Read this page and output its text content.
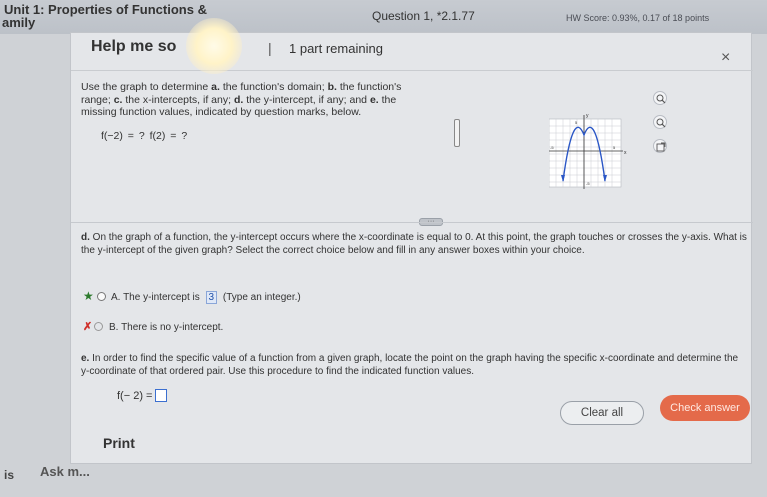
Unit 1: Properties of Functions &
amily	Question 1, *2.1.77	HW Score: 0.93%, 0.17 of 18 points
Help me so	| 1 part remaining
×
Use the graph to determine a. the function's domain; b. the function's range; c. the x-intercepts, if any; d. the y-intercept, if any; and e. the missing function values, indicated by question marks, below.
f(−2) = ? f(2) = ?
y
x
5
-5	5
-5
d. On the graph of a function, the y-intercept occurs where the x-coordinate is equal to 0. At this point, the graph touches or crosses the y-axis. What is the y-intercept of the given graph? Select the correct choice below and fill in any answer boxes within your choice.
★ A. The y-intercept is 3 (Type an integer.)
✗ B. There is no y-intercept.
e. In order to find the specific value of a function from a given graph, locate the point on the graph having the specific x-coordinate and determine the y-coordinate of that ordered pair. Use this procedure to find the indicated function values.
f(− 2) =
Clear all	Check answer
Print
is Ask m...
